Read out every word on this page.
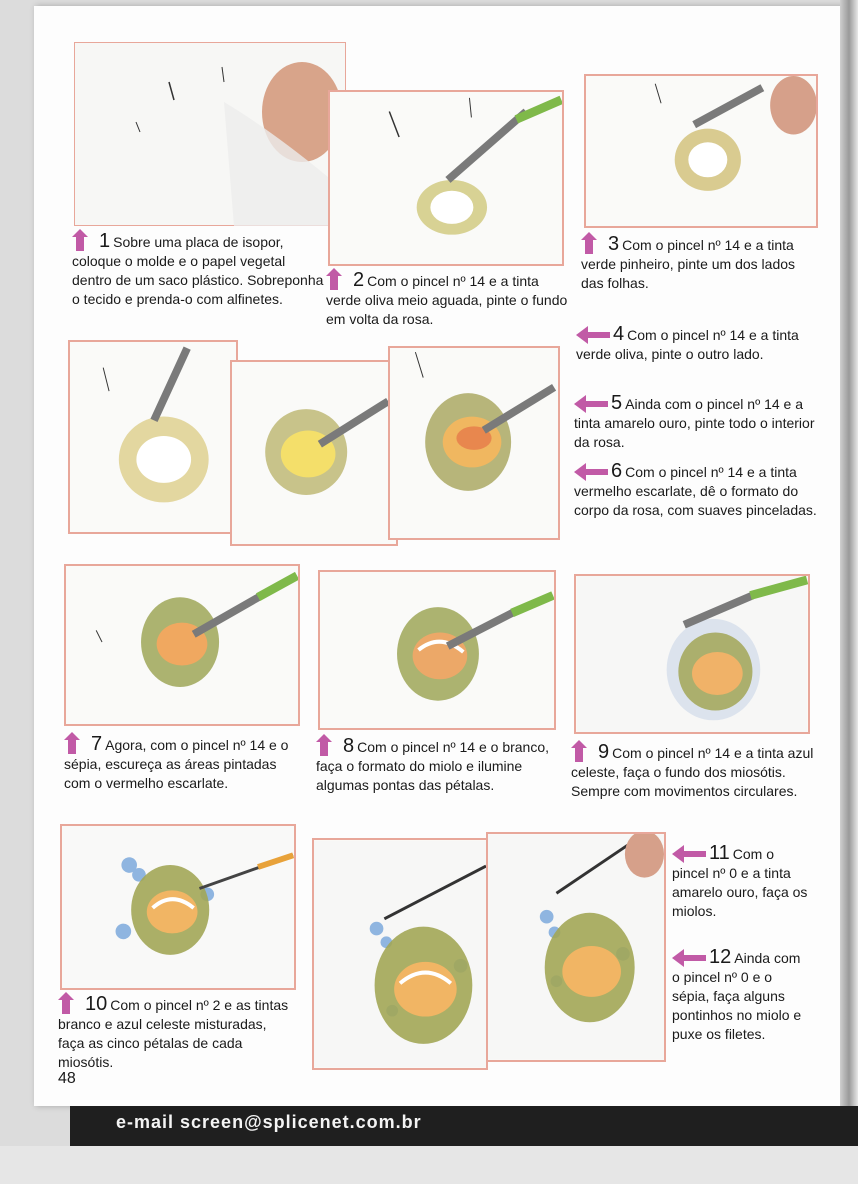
1 Sobre uma placa de isopor, coloque o molde e o papel vegetal dentro de um saco plástico. Sobreponha o tecido e prenda-o com alfinetes.
2 Com o pincel nº 14 e a tinta verde oliva meio aguada, pinte o fundo em volta da rosa.
3 Com o pincel nº 14 e a tinta verde pinheiro, pinte um dos lados das folhas.
4 Com o pincel nº 14 e a tinta verde oliva, pinte o outro lado.
5 Ainda com o pincel nº 14 e a tinta amarelo ouro, pinte todo o interior da rosa.
6 Com o pincel nº 14 e a tinta vermelho escarlate, dê o formato do corpo da rosa, com suaves pinceladas.
7 Agora, com o pincel nº 14 e o sépia, escureça as áreas pintadas com o vermelho escarlate.
8 Com o pincel nº 14 e o branco, faça o formato do miolo e ilumine algumas pontas das pétalas.
9 Com o pincel nº 14 e a tinta azul celeste, faça o fundo dos miosótis. Sempre com movimentos circulares.
10 Com o pincel nº 2 e as tintas branco e azul celeste misturadas, faça as cinco pétalas de cada miosótis.
11 Com o pincel nº 0 e a tinta amarelo ouro, faça os miolos.
12 Ainda com o pincel nº 0 e o sépia, faça alguns pontinhos no miolo e puxe os filetes.
48
e-mail screen@splicenet.com.br
